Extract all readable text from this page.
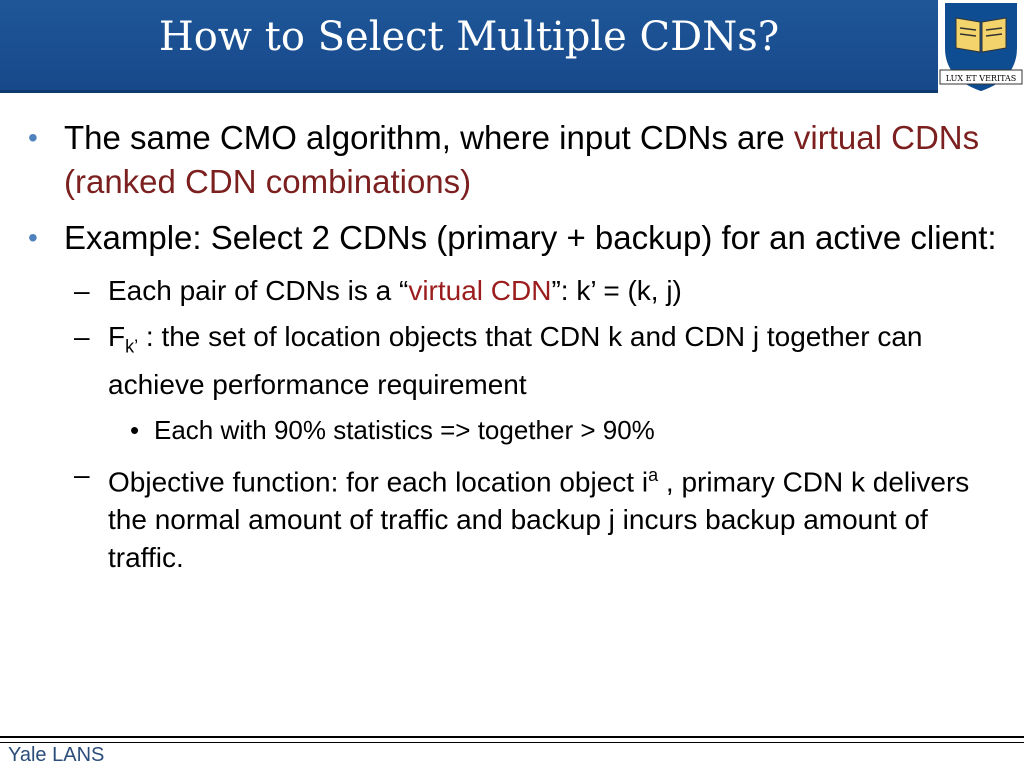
How to Select Multiple CDNs?
LUX ET VERITAS
• The same CMO algorithm, where input CDNs are virtual CDNs (ranked CDN combinations)
• Example: Select 2 CDNs (primary + backup) for an active client:
– Each pair of CDNs is a “virtual CDN”: k’ = (k, j)
– $F_{k’}$ : the set of location objects that CDN k and CDN j together can achieve performance requirement
• Each with 90% statistics => together > 90%
– Objective function: for each location object $i^a$ , primary CDN k delivers the normal amount of traffic and backup j incurs backup amount of traffic.
Yale LANS
